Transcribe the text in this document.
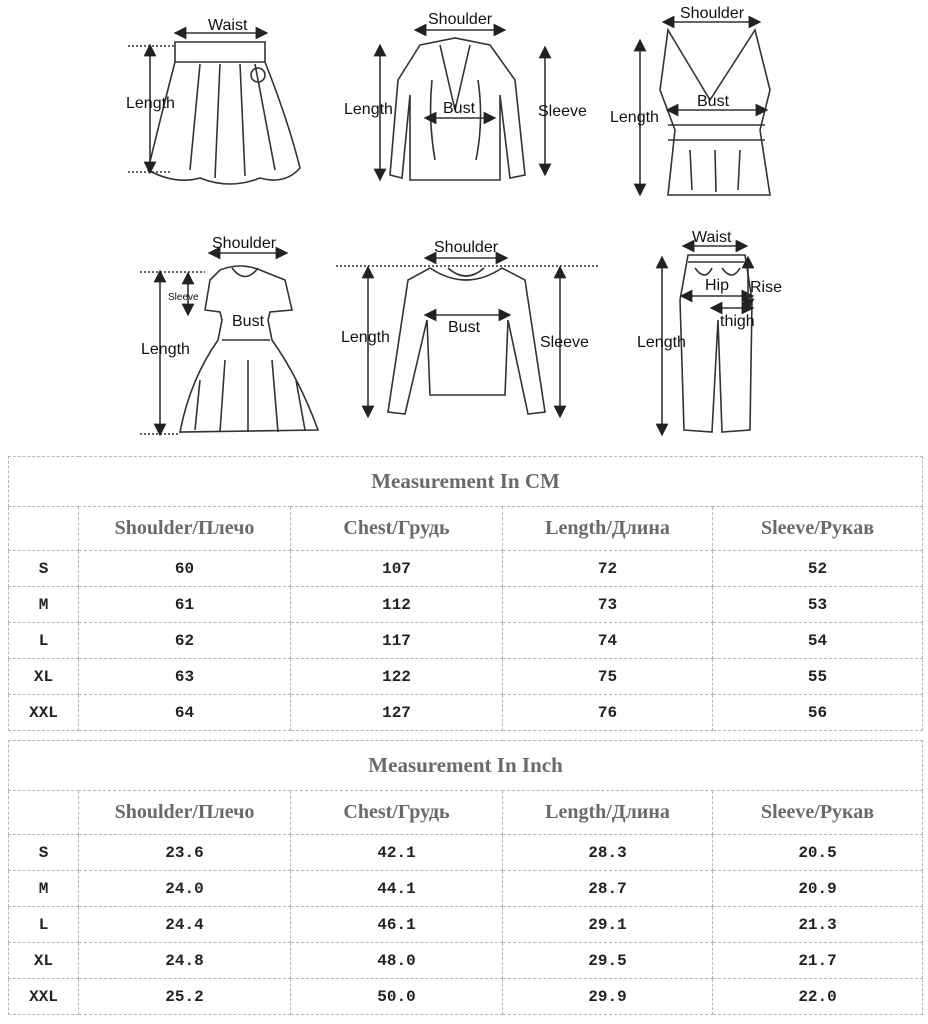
Waist
Length
Shoulder
Length	Bust	Sleeve
Shoulder
Length
Bust
Shoulder
Sleeve
Bust
Length
Shoulder
Length
Bust
Sleeve
Waist
Hip Rise
thigh
Length
Measurement In CM				
	Shoulder/Плечо	Chest/Грудь	Length/Длина	Sleeve/Рукав
S	60	107	72	52
M	61	112	73	53
L	62	117	74	54
XL	63	122	75	55
XXL	64	127	76	56
Measurement In Inch				
	Shoulder/Плечо	Chest/Грудь	Length/Длина	Sleeve/Рукав
S	23.6	42.1	28.3	20.5
M	24.0	44.1	28.7	20.9
L	24.4	46.1	29.1	21.3
XL	24.8	48.0	29.5	21.7
XXL	25.2	50.0	29.9	22.0
